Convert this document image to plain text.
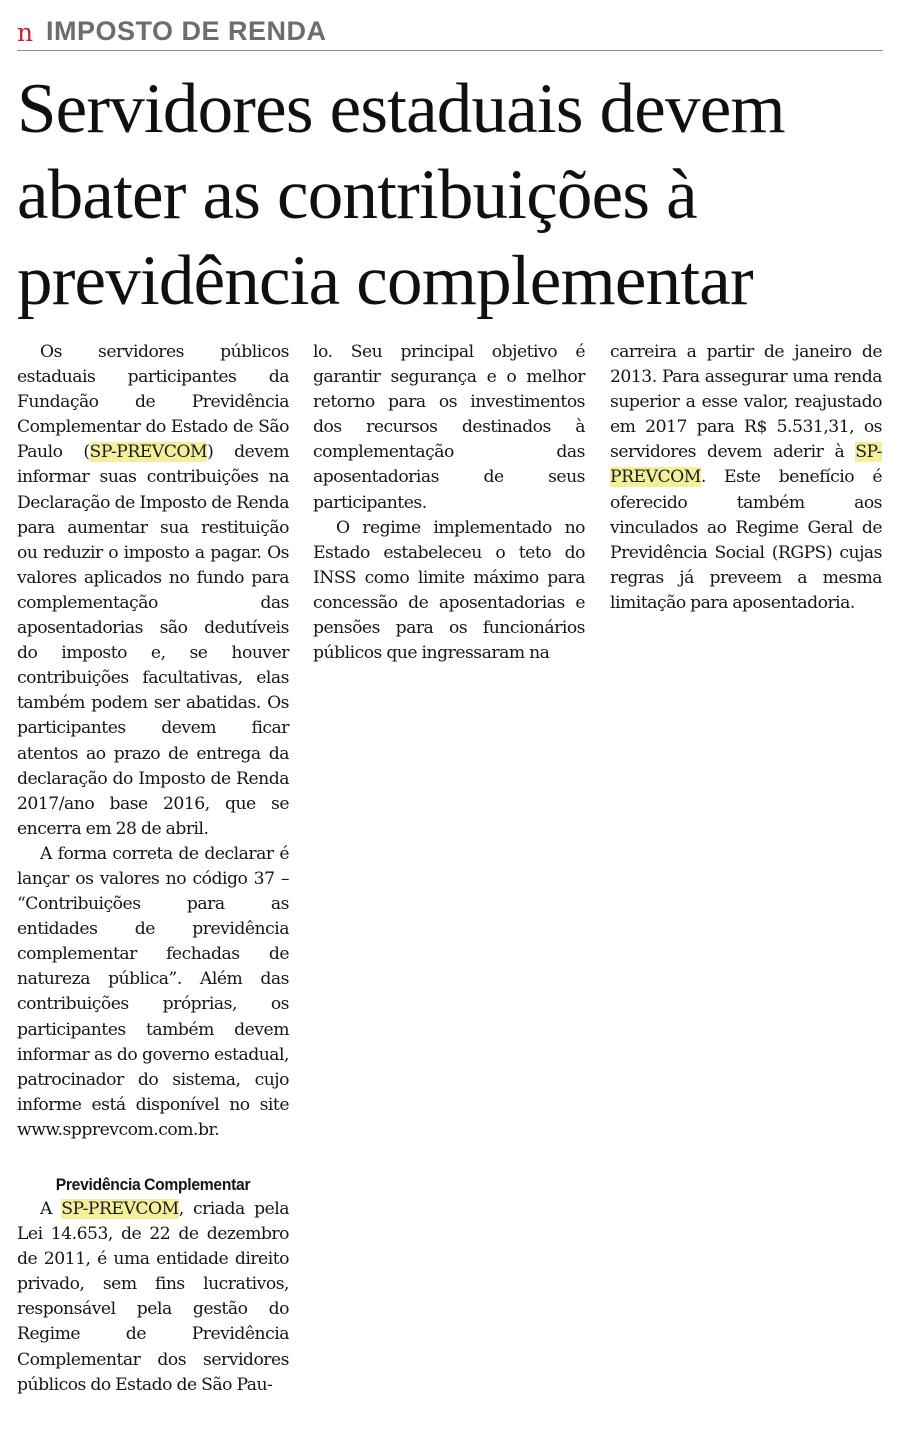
n IMPOSTO DE RENDA
Servidores estaduais devem abater as contribuições à previdência complementar

Os servidores públicos estaduais participantes da Fundação de Previdência Complementar do Estado de São Paulo (SP-PREVCOM) devem informar suas contribuições na Declaração de Imposto de Renda para aumentar sua restituição ou reduzir o imposto a pagar. Os valores aplicados no fundo para complementação das aposentadorias são dedutíveis do imposto e, se houver contribuições facultativas, elas também podem ser abatidas. Os participantes devem ficar atentos ao prazo de entrega da declaração do Imposto de Renda 2017/ano base 2016, que se encerra em 28 de abril.

A forma correta de declarar é lançar os valores no código 37 – “Contribuições para as entidades de previdência complementar fechadas de natureza pública”. Além das contribuições próprias, os participantes também devem informar as do governo estadual, patrocinador do sistema, cujo informe está disponível no site www.spprevcom.com.br.

Previdência Complementar

A SP-PREVCOM, criada pela Lei 14.653, de 22 de dezembro de 2011, é uma entidade direito privado, sem fins lucrativos, responsável pela gestão do Regime de Previdência Complementar dos servidores públicos do Estado de São Pau-

lo. Seu principal objetivo é garantir segurança e o melhor retorno para os investimentos dos recursos destinados à complementação das aposentadorias de seus participantes.

O regime implementado no Estado estabeleceu o teto do INSS como limite máximo para concessão de aposentadorias e pensões para os funcionários públicos que ingressaram na

carreira a partir de janeiro de 2013. Para assegurar uma renda superior a esse valor, reajustado em 2017 para R$ 5.531,31, os servidores devem aderir à SP-PREVCOM. Este benefício é oferecido também aos vinculados ao Regime Geral de Previdência Social (RGPS) cujas regras já preveem a mesma limitação para aposentadoria.
